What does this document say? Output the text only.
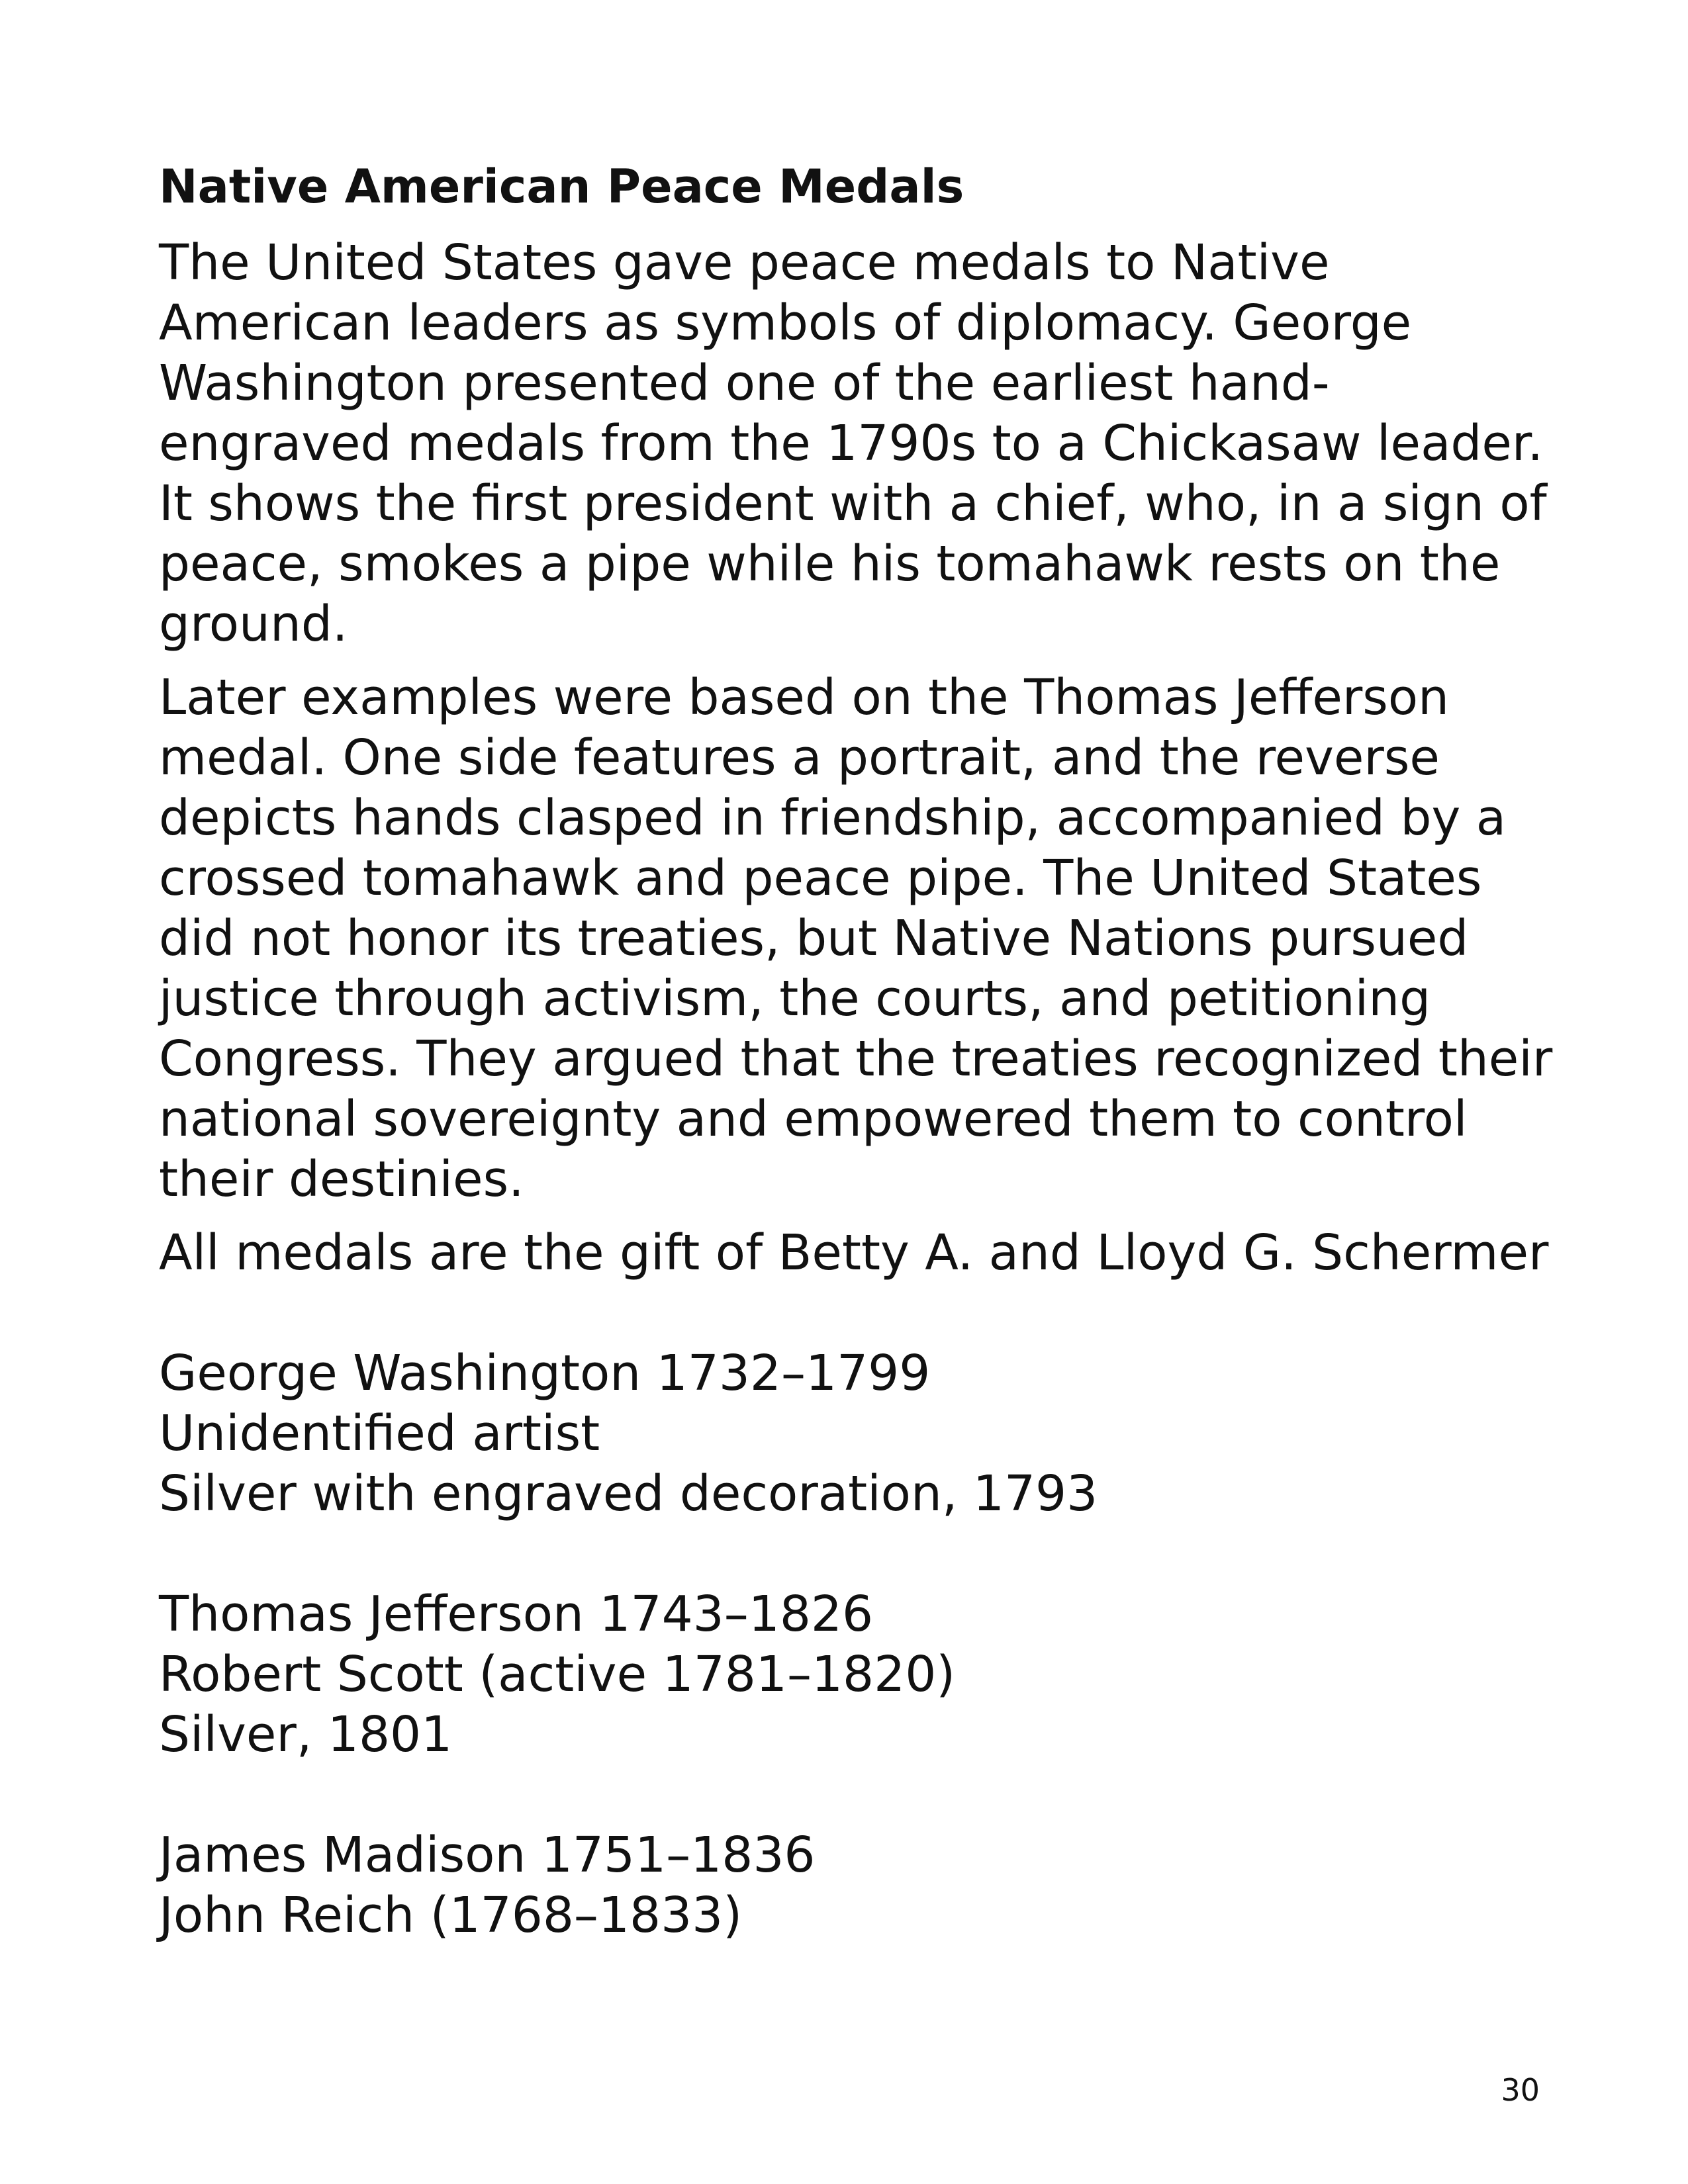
Native American Peace Medals

The United States gave peace medals to Native American leaders as symbols of diplomacy. George Washington presented one of the earliest hand-engraved medals from the 1790s to a Chickasaw leader. It shows the first president with a chief, who, in a sign of peace, smokes a pipe while his tomahawk rests on the ground.

Later examples were based on the Thomas Jefferson medal. One side features a portrait, and the reverse depicts hands clasped in friendship, accompanied by a crossed tomahawk and peace pipe. The United States did not honor its treaties, but Native Nations pursued justice through activism, the courts, and petitioning Congress. They argued that the treaties recognized their national sovereignty and empowered them to control their destinies.

All medals are the gift of Betty A. and Lloyd G. Schermer

George Washington 1732–1799
Unidentified artist
Silver with engraved decoration, 1793
Thomas Jefferson 1743–1826
Robert Scott (active 1781–1820)
Silver, 1801
James Madison 1751–1836
John Reich (1768–1833)
30
